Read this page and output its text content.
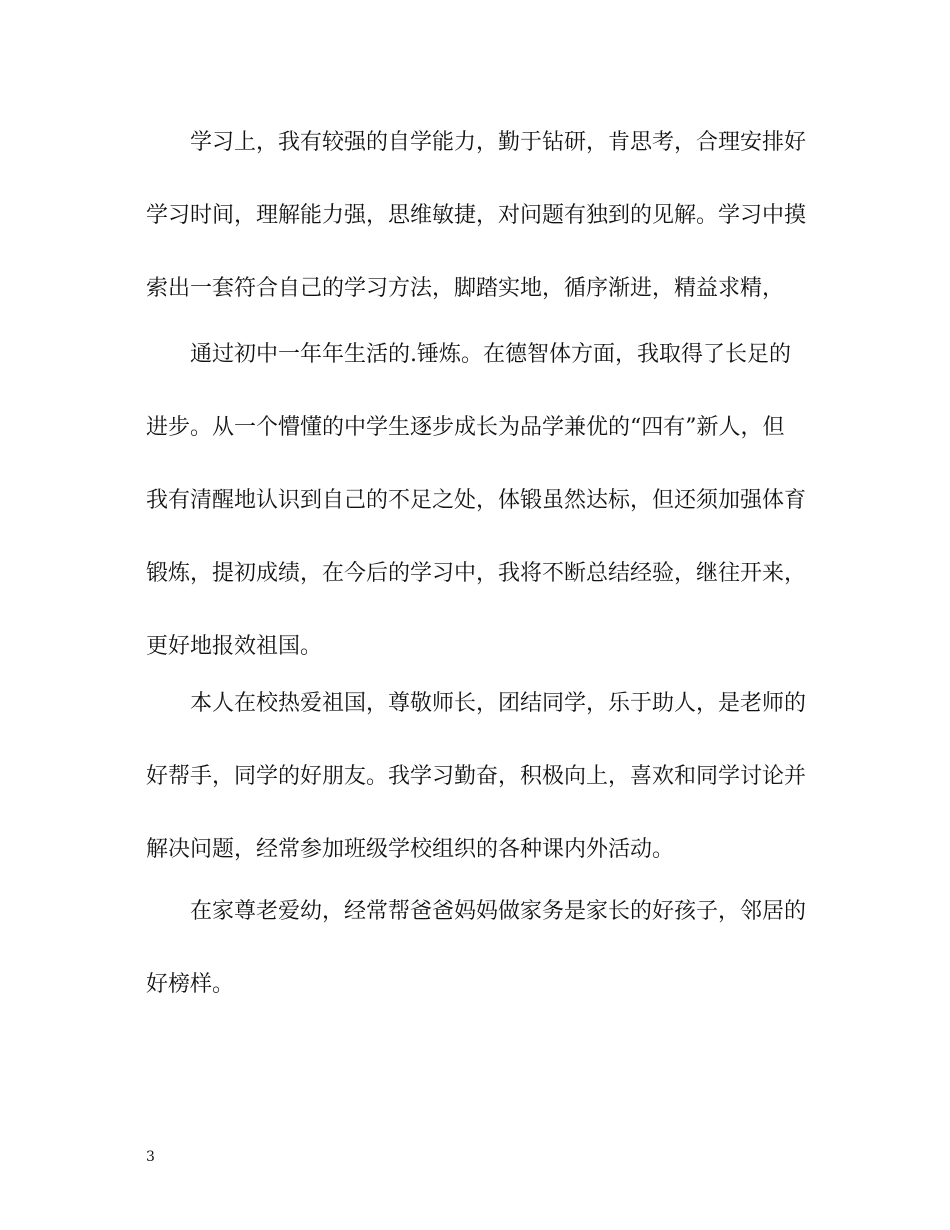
学习上，我有较强的自学能力，勤于钻研，肯思考，合理安排好
学习时间，理解能力强，思维敏捷，对问题有独到的见解。学习中摸
索出一套符合自己的学习方法，脚踏实地，循序渐进，精益求精，
通过初中一年年生活的.锤炼。在德智体方面，我取得了长足的
进步。从一个懵懂的中学生逐步成长为品学兼优的“四有”新人，但
我有清醒地认识到自己的不足之处，体锻虽然达标，但还须加强体育
锻炼，提初成绩，在今后的学习中，我将不断总结经验，继往开来，
更好地报效祖国。
本人在校热爱祖国，尊敬师长，团结同学，乐于助人，是老师的
好帮手，同学的好朋友。我学习勤奋，积极向上，喜欢和同学讨论并
解决问题，经常参加班级学校组织的各种课内外活动。
在家尊老爱幼，经常帮爸爸妈妈做家务是家长的好孩子，邻居的
好榜样。
3
